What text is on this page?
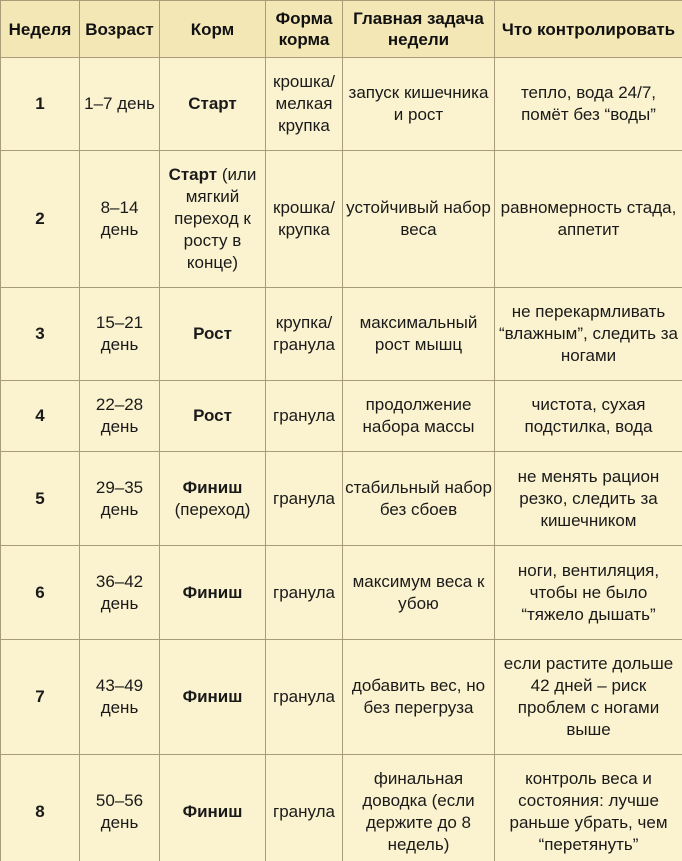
Неделя	Возраст	Корм	Форма корма	Главная задача недели	Что контролировать
1	1–7 день	Старт	крошка/ мелкая крупка	запуск кишечника и рост	тепло, вода 24/7, помёт без “воды”
2	8–14 день	Старт (или мягкий переход к росту в конце)	крошка/ крупка	устойчивый набор веса	равномерность стада, аппетит
3	15–21 день	Рост	крупка/ гранула	максимальный рост мышц	не перекармливать “влажным”, следить за ногами
4	22–28 день	Рост	гранула	продолжение набора массы	чистота, сухая подстилка, вода
5	29–35 день	Финиш (переход)	гранула	стабильный набор без сбоев	не менять рацион резко, следить за кишечником
6	36–42 день	Финиш	гранула	максимум веса к убою	ноги, вентиляция, чтобы не было “тяжело дышать”
7	43–49 день	Финиш	гранула	добавить вес, но без перегруза	если растите дольше 42 дней – риск проблем с ногами выше
8	50–56 день	Финиш	гранула	финальная доводка (если держите до 8 недель)	контроль веса и состояния: лучше раньше убрать, чем “перетянуть”
